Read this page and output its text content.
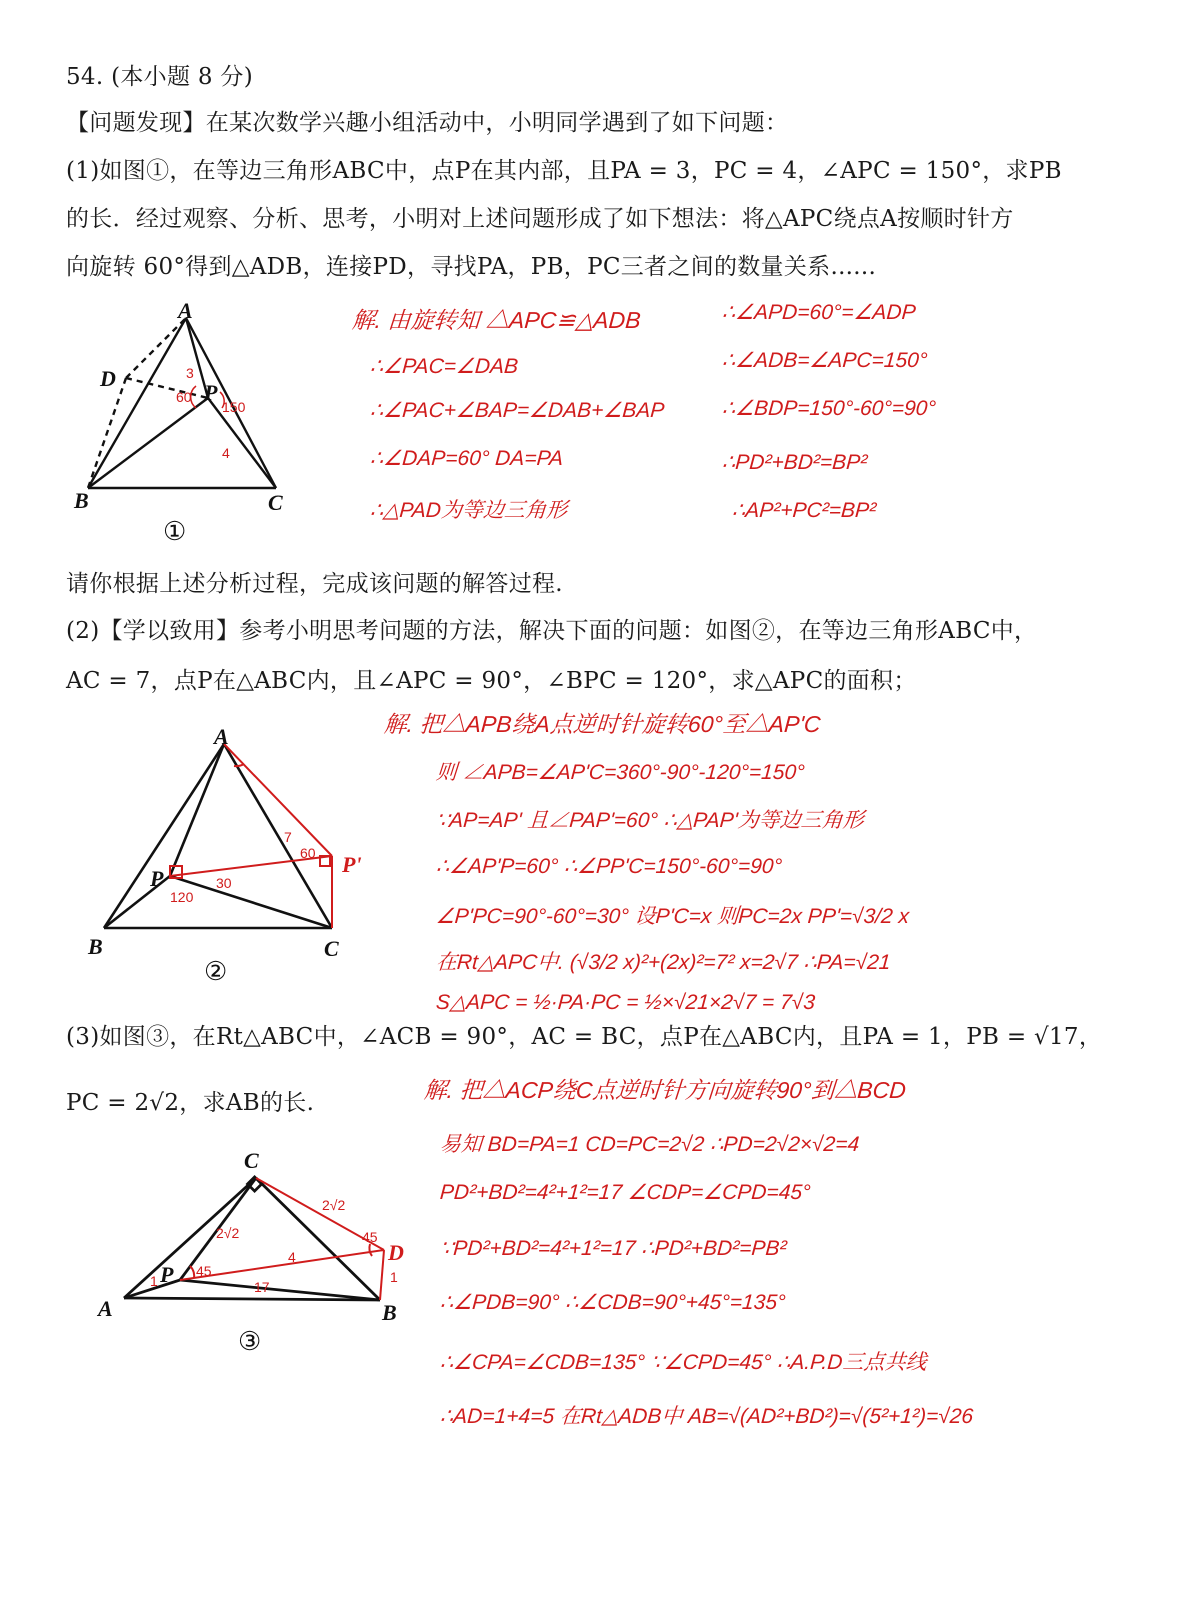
54. (本小题 8 分)
【问题发现】在某次数学兴趣小组活动中，小明同学遇到了如下问题：
(1)如图①，在等边三角形ABC中，点P在其内部，且PA = 3，PC = 4，∠APC = 150°，求PB
的长．经过观察、分析、思考，小明对上述问题形成了如下想法：将△APC绕点A按顺时针方
向旋转 60°得到△ADB，连接PD，寻找PA，PB，PC三者之间的数量关系......
A
B	C
D
P
3
4
60
150
①
解. 由旋转知 △APC≌△ADB
∴∠PAC=∠DAB
∴∠PAC+∠BAP=∠DAB+∠BAP
∴∠DAP=60° DA=PA
∴△PAD为等边三角形
∴∠APD=60°=∠ADP
∴∠ADB=∠APC=150°
∴∠BDP=150°-60°=90°
∴PD²+BD²=BP²
∴AP²+PC²=BP²
请你根据上述分析过程，完成该问题的解答过程.
(2)【学以致用】参考小明思考问题的方法，解决下面的问题：如图②，在等边三角形ABC中，
AC = 7，点P在△ABC内，且∠APC = 90°，∠BPC = 120°，求△APC的面积；
A
B	C
P
P'
7
60
30
120
②
解. 把△APB绕A点逆时针旋转60°至△AP'C
则 ∠APB=∠AP'C=360°-90°-120°=150°
∵AP=AP' 且∠PAP'=60° ∴△PAP'为等边三角形
∴∠AP'P=60° ∴∠PP'C=150°-60°=90°
∠P'PC=90°-60°=30° 设P'C=x 则PC=2x PP'=√3/2 x
在Rt△APC中. (√3/2 x)²+(2x)²=7² x=2√7 ∴PA=√21
S△APC = ½·PA·PC = ½×√21×2√7 = 7√3
(3)如图③，在Rt△ABC中，∠ACB = 90°，AC = BC，点P在△ABC内，且PA = 1，PB = √17，
PC = 2√2，求AB的长.
C
A	B
P
D
2√2
2√2
4
17
1	1
45
45
③
解. 把△ACP绕C点逆时针方向旋转90°到△BCD
易知 BD=PA=1 CD=PC=2√2 ∴PD=2√2×√2=4
PD²+BD²=4²+1²=17 ∠CDP=∠CPD=45°
∵PD²+BD²=4²+1²=17 ∴PD²+BD²=PB²
∴∠PDB=90° ∴∠CDB=90°+45°=135°
∴∠CPA=∠CDB=135° ∵∠CPD=45° ∴A.P.D三点共线
∴AD=1+4=5 在Rt△ADB中 AB=√(AD²+BD²)=√(5²+1²)=√26
